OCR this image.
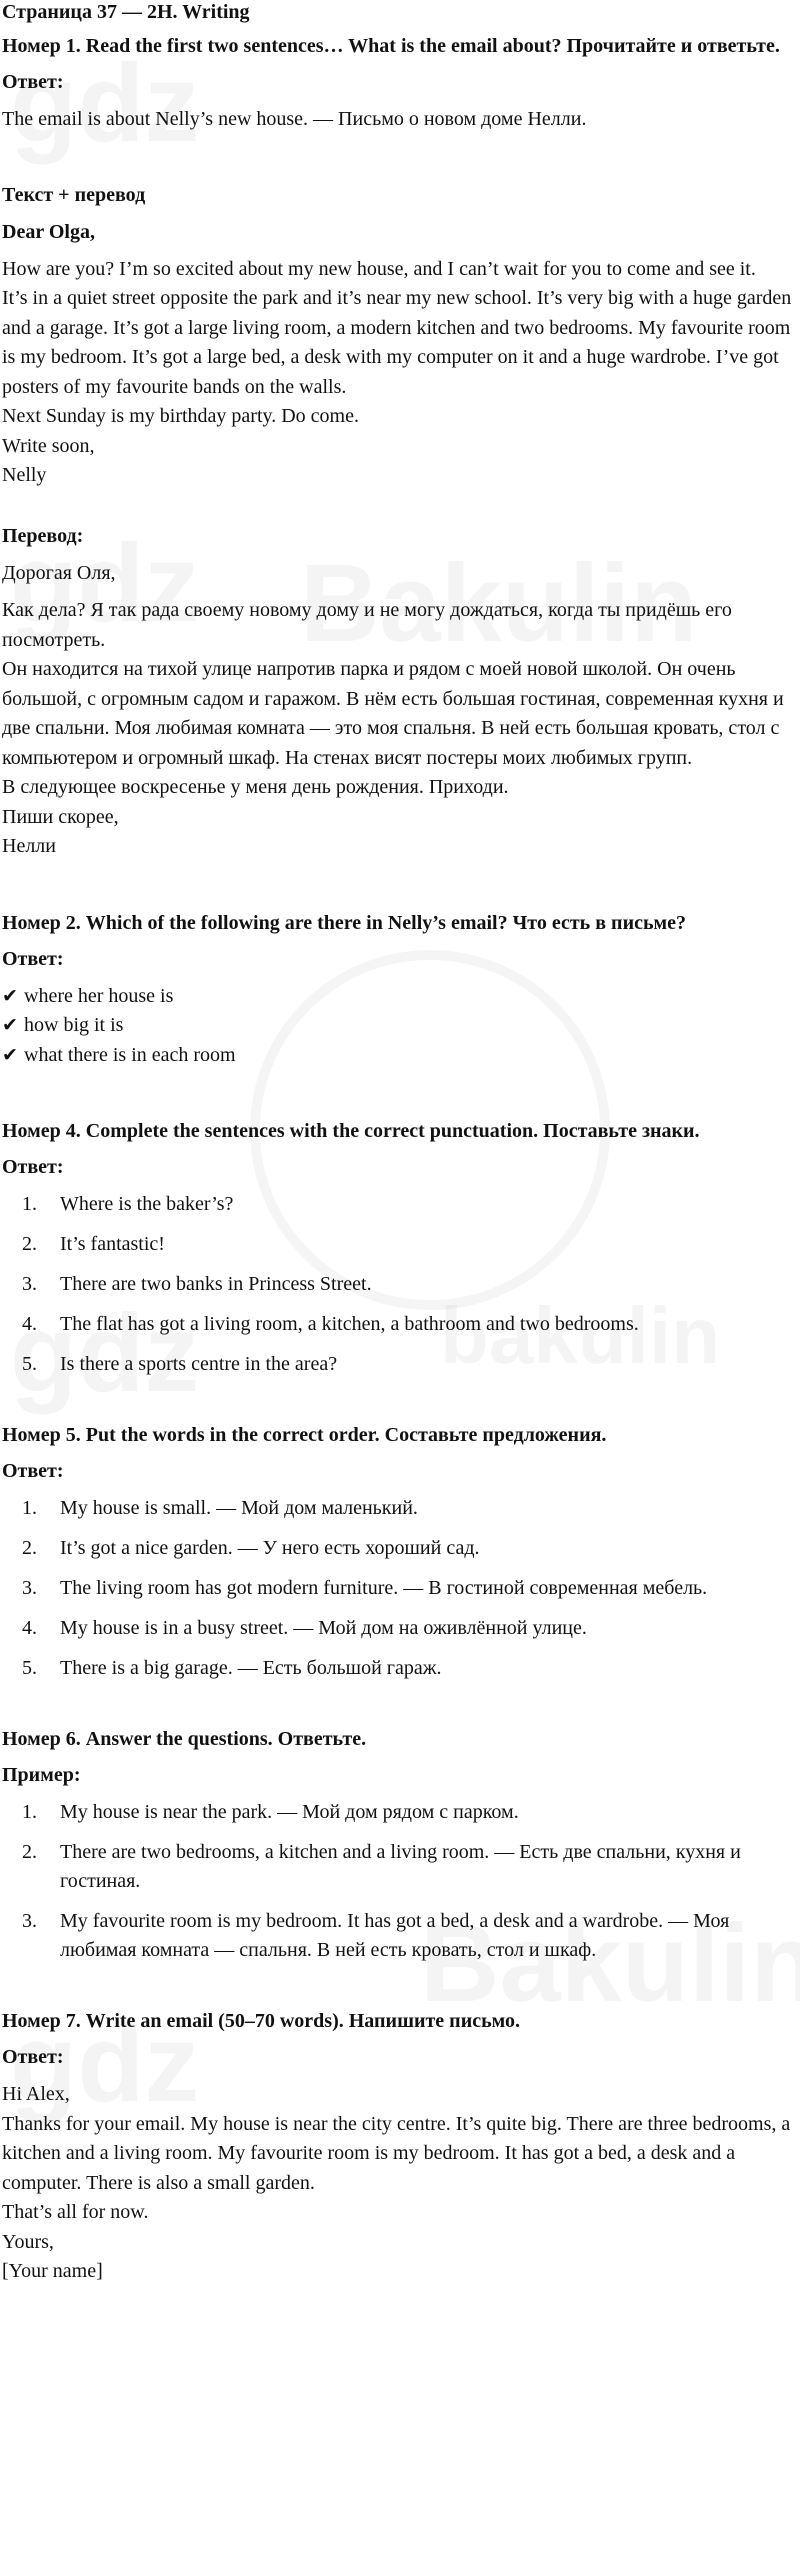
Страница 37 — 2H. Writing
Номер 1. Read the first two sentences… What is the email about? Прочитайте и ответьте.
Ответ:

The email is about Nelly’s new house. — Письмо о новом доме Нелли.

Текст + перевод
Dear Olga,

How are you? I’m so excited about my new house, and I can’t wait for you to come and see it.

It’s in a quiet street opposite the park and it’s near my new school. It’s very big with a huge garden and a garage. It’s got a large living room, a modern kitchen and two bedrooms. My favourite room is my bedroom. It’s got a large bed, a desk with my computer on it and a huge wardrobe. I’ve got posters of my favourite bands on the walls.

Next Sunday is my birthday party. Do come.

Write soon,

Nelly

Перевод:

Дорогая Оля,

Как дела? Я так рада своему новому дому и не могу дождаться, когда ты придёшь его посмотреть.

Он находится на тихой улице напротив парка и рядом с моей новой школой. Он очень большой, с огромным садом и гаражом. В нём есть большая гостиная, современная кухня и две спальни. Моя любимая комната — это моя спальня. В ней есть большая кровать, стол с компьютером и огромный шкаф. На стенах висят постеры моих любимых групп.

В следующее воскресенье у меня день рождения. Приходи.

Пиши скорее,

Нелли

Номер 2. Which of the following are there in Nelly’s email? Что есть в письме?
Ответ:
✔ where her house is
✔ how big it is
✔ what there is in each room
Номер 4. Complete the sentences with the correct punctuation. Поставьте знаки.
Ответ:
1. Where is the baker’s?
2. It’s fantastic!
3. There are two banks in Princess Street.
4. The flat has got a living room, a kitchen, a bathroom and two bedrooms.
5. Is there a sports centre in the area?
Номер 5. Put the words in the correct order. Составьте предложения.
Ответ:
1. My house is small. — Мой дом маленький.
2. It’s got a nice garden. — У него есть хороший сад.
3. The living room has got modern furniture. — В гостиной современная мебель.
4. My house is in a busy street. — Мой дом на оживлённой улице.
5. There is a big garage. — Есть большой гараж.
Номер 6. Answer the questions. Ответьте.
Пример:
1. My house is near the park. — Мой дом рядом с парком.
2. There are two bedrooms, a kitchen and a living room. — Есть две спальни, кухня и гостиная.
3. My favourite room is my bedroom. It has got a bed, a desk and a wardrobe. — Моя любимая комната — спальня. В ней есть кровать, стол и шкаф.
Номер 7. Write an email (50–70 words). Напишите письмо.
Ответ:

Hi Alex,

Thanks for your email. My house is near the city centre. It’s quite big. There are three bedrooms, a kitchen and a living room. My favourite room is my bedroom. It has got a bed, a desk and a computer. There is also a small garden.

That’s all for now.

Yours,

[Your name]
